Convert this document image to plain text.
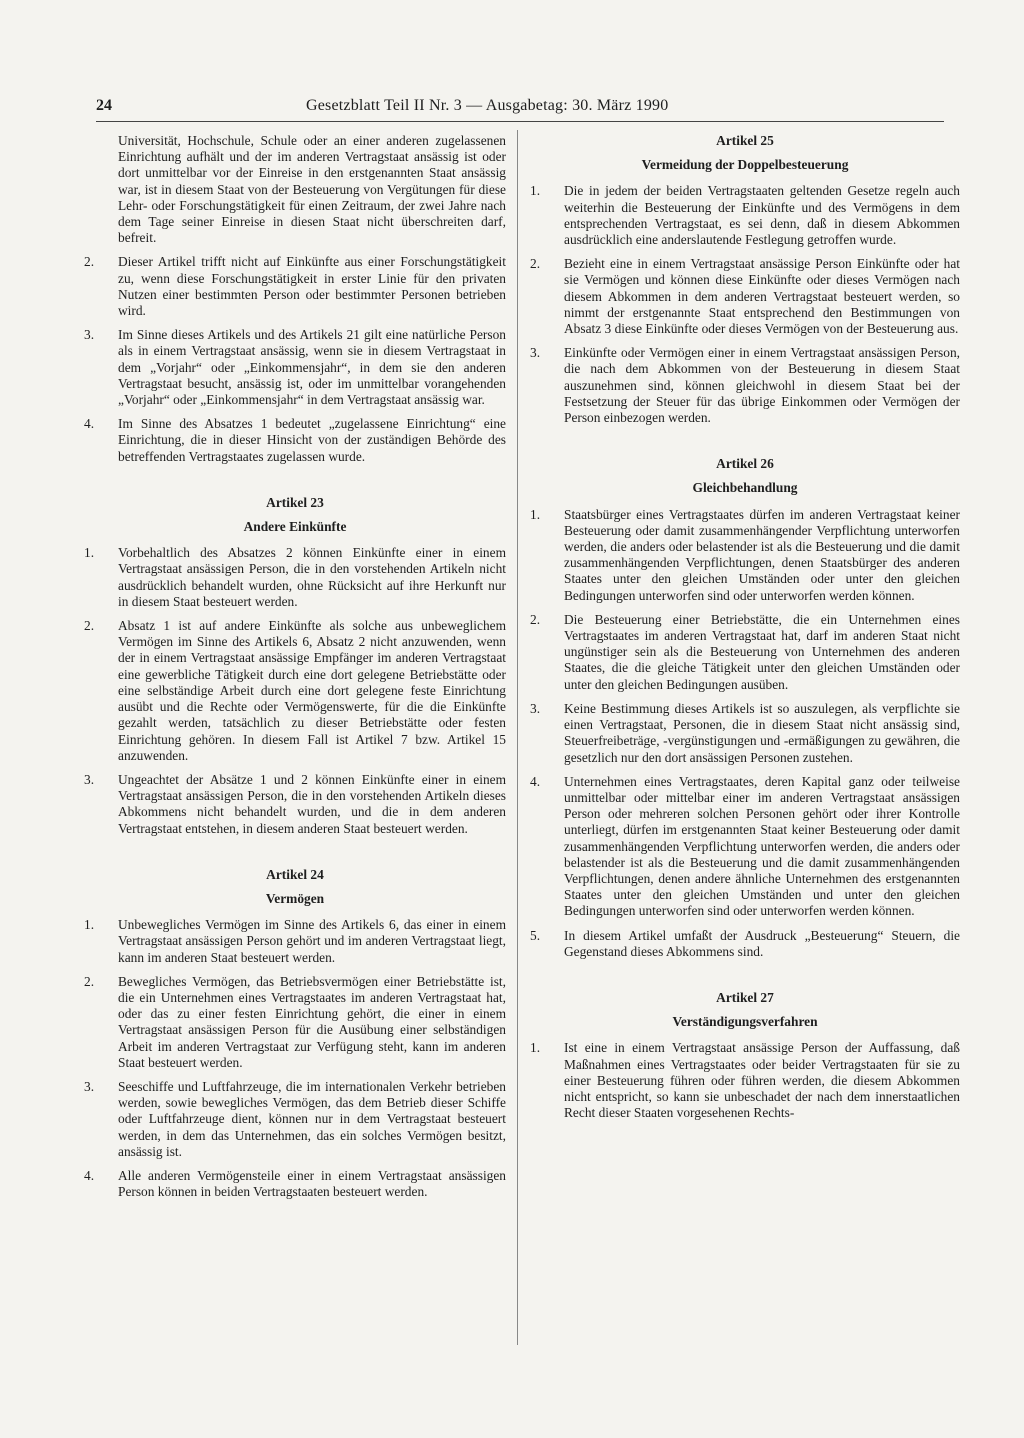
24	Gesetzblatt Teil II Nr. 3 — Ausgabetag: 30. März 1990

Universität, Hochschule, Schule oder an einer anderen zugelassenen Einrichtung aufhält und der im anderen Vertragstaat ansässig ist oder dort unmittelbar vor der Einreise in den erstgenannten Staat ansässig war, ist in diesem Staat von der Besteuerung von Vergütungen für diese Lehr- oder Forschungstätigkeit für einen Zeitraum, der zwei Jahre nach dem Tage seiner Einreise in diesen Staat nicht überschreiten darf, befreit.

2. Dieser Artikel trifft nicht auf Einkünfte aus einer Forschungstätigkeit zu, wenn diese Forschungstätigkeit in erster Linie für den privaten Nutzen einer bestimmten Person oder bestimmter Personen betrieben wird.

3. Im Sinne dieses Artikels und des Artikels 21 gilt eine natürliche Person als in einem Vertragstaat ansässig, wenn sie in diesem Vertragstaat in dem „Vorjahr“ oder „Einkommensjahr“, in dem sie den anderen Vertragstaat besucht, ansässig ist, oder im unmittelbar vorangehenden „Vorjahr“ oder „Einkommensjahr“ in dem Vertragstaat ansässig war.

4. Im Sinne des Absatzes 1 bedeutet „zugelassene Einrichtung“ eine Einrichtung, die in dieser Hinsicht von der zuständigen Behörde des betreffenden Vertragstaates zugelassen wurde.

Artikel 23
Andere Einkünfte

1. Vorbehaltlich des Absatzes 2 können Einkünfte einer in einem Vertragstaat ansässigen Person, die in den vorstehenden Artikeln nicht ausdrücklich behandelt wurden, ohne Rücksicht auf ihre Herkunft nur in diesem Staat besteuert werden.

2. Absatz 1 ist auf andere Einkünfte als solche aus unbeweglichem Vermögen im Sinne des Artikels 6, Absatz 2 nicht anzuwenden, wenn der in einem Vertragstaat ansässige Empfänger im anderen Vertragstaat eine gewerbliche Tätigkeit durch eine dort gelegene Betriebstätte oder eine selbständige Arbeit durch eine dort gelegene feste Einrichtung ausübt und die Rechte oder Vermögenswerte, für die die Einkünfte gezahlt werden, tatsächlich zu dieser Betriebstätte oder festen Einrichtung gehören. In diesem Fall ist Artikel 7 bzw. Artikel 15 anzuwenden.

3. Ungeachtet der Absätze 1 und 2 können Einkünfte einer in einem Vertragstaat ansässigen Person, die in den vorstehenden Artikeln dieses Abkommens nicht behandelt wurden, und die in dem anderen Vertragstaat entstehen, in diesem anderen Staat besteuert werden.

Artikel 24
Vermögen

1. Unbewegliches Vermögen im Sinne des Artikels 6, das einer in einem Vertragstaat ansässigen Person gehört und im anderen Vertragstaat liegt, kann im anderen Staat besteuert werden.

2. Bewegliches Vermögen, das Betriebsvermögen einer Betriebstätte ist, die ein Unternehmen eines Vertragstaates im anderen Vertragstaat hat, oder das zu einer festen Einrichtung gehört, die einer in einem Vertragstaat ansässigen Person für die Ausübung einer selbständigen Arbeit im anderen Vertragstaat zur Verfügung steht, kann im anderen Staat besteuert werden.

3. Seeschiffe und Luftfahrzeuge, die im internationalen Verkehr betrieben werden, sowie bewegliches Vermögen, das dem Betrieb dieser Schiffe oder Luftfahrzeuge dient, können nur in dem Vertragstaat besteuert werden, in dem das Unternehmen, das ein solches Vermögen besitzt, ansässig ist.

4. Alle anderen Vermögensteile einer in einem Vertragstaat ansässigen Person können in beiden Vertragstaaten besteuert werden.

Artikel 25
Vermeidung der Doppelbesteuerung

1. Die in jedem der beiden Vertragstaaten geltenden Gesetze regeln auch weiterhin die Besteuerung der Einkünfte und des Vermögens in dem entsprechenden Vertragstaat, es sei denn, daß in diesem Abkommen ausdrücklich eine anderslautende Festlegung getroffen wurde.

2. Bezieht eine in einem Vertragstaat ansässige Person Einkünfte oder hat sie Vermögen und können diese Einkünfte oder dieses Vermögen nach diesem Abkommen in dem anderen Vertragstaat besteuert werden, so nimmt der erstgenannte Staat entsprechend den Bestimmungen von Absatz 3 diese Einkünfte oder dieses Vermögen von der Besteuerung aus.

3. Einkünfte oder Vermögen einer in einem Vertragstaat ansässigen Person, die nach dem Abkommen von der Besteuerung in diesem Staat auszunehmen sind, können gleichwohl in diesem Staat bei der Festsetzung der Steuer für das übrige Einkommen oder Vermögen der Person einbezogen werden.

Artikel 26
Gleichbehandlung

1. Staatsbürger eines Vertragstaates dürfen im anderen Vertragstaat keiner Besteuerung oder damit zusammenhängender Verpflichtung unterworfen werden, die anders oder belastender ist als die Besteuerung und die damit zusammenhängenden Verpflichtungen, denen Staatsbürger des anderen Staates unter den gleichen Umständen oder unter den gleichen Bedingungen unterworfen sind oder unterworfen werden können.

2. Die Besteuerung einer Betriebstätte, die ein Unternehmen eines Vertragstaates im anderen Vertragstaat hat, darf im anderen Staat nicht ungünstiger sein als die Besteuerung von Unternehmen des anderen Staates, die die gleiche Tätigkeit unter den gleichen Umständen oder unter den gleichen Bedingungen ausüben.

3. Keine Bestimmung dieses Artikels ist so auszulegen, als verpflichte sie einen Vertragstaat, Personen, die in diesem Staat nicht ansässig sind, Steuerfreibeträge, -vergünstigungen und -ermäßigungen zu gewähren, die gesetzlich nur den dort ansässigen Personen zustehen.

4. Unternehmen eines Vertragstaates, deren Kapital ganz oder teilweise unmittelbar oder mittelbar einer im anderen Vertragstaat ansässigen Person oder mehreren solchen Personen gehört oder ihrer Kontrolle unterliegt, dürfen im erstgenannten Staat keiner Besteuerung oder damit zusammenhängenden Verpflichtung unterworfen werden, die anders oder belastender ist als die Besteuerung und die damit zusammenhängenden Verpflichtungen, denen andere ähnliche Unternehmen des erstgenannten Staates unter den gleichen Umständen und unter den gleichen Bedingungen unterworfen sind oder unterworfen werden können.

5. In diesem Artikel umfaßt der Ausdruck „Besteuerung“ Steuern, die Gegenstand dieses Abkommens sind.

Artikel 27
Verständigungsverfahren

1. Ist eine in einem Vertragstaat ansässige Person der Auffassung, daß Maßnahmen eines Vertragstaates oder beider Vertragstaaten für sie zu einer Besteuerung führen oder führen werden, die diesem Abkommen nicht entspricht, so kann sie unbeschadet der nach dem innerstaatlichen Recht dieser Staaten vorgesehenen Rechts-
